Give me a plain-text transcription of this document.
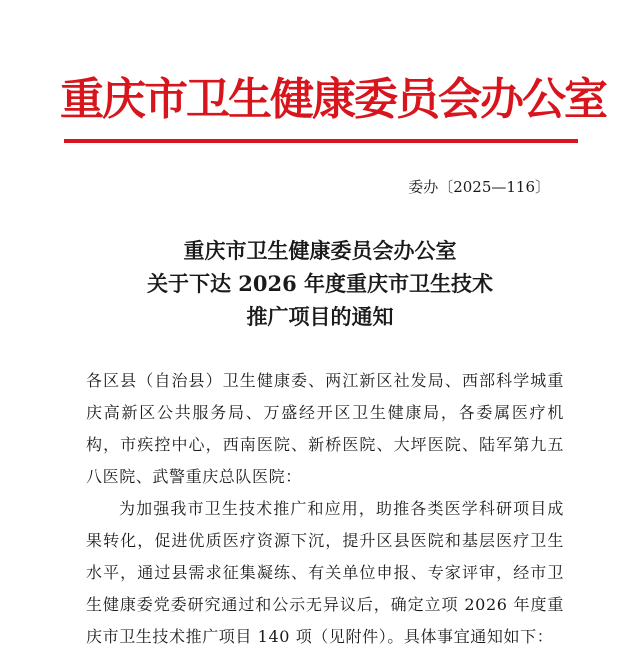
重庆市卫生健康委员会办公室
委办〔2025—116〕
重庆市卫生健康委员会办公室
关于下达 2026 年度重庆市卫生技术
推广项目的通知

各区县（自治县）卫生健康委、两江新区社发局、西部科学城重庆高新区公共服务局、万盛经开区卫生健康局，各委属医疗机构，市疾控中心，西南医院、新桥医院、大坪医院、陆军第九五八医院、武警重庆总队医院：

为加强我市卫生技术推广和应用，助推各类医学科研项目成果转化，促进优质医疗资源下沉，提升区县医院和基层医疗卫生水平，通过县需求征集凝练、有关单位申报、专家评审，经市卫生健康委党委研究通过和公示无异议后，确定立项 2026 年度重庆市卫生技术推广项目 140 项（见附件）。具体事宜通知如下：
